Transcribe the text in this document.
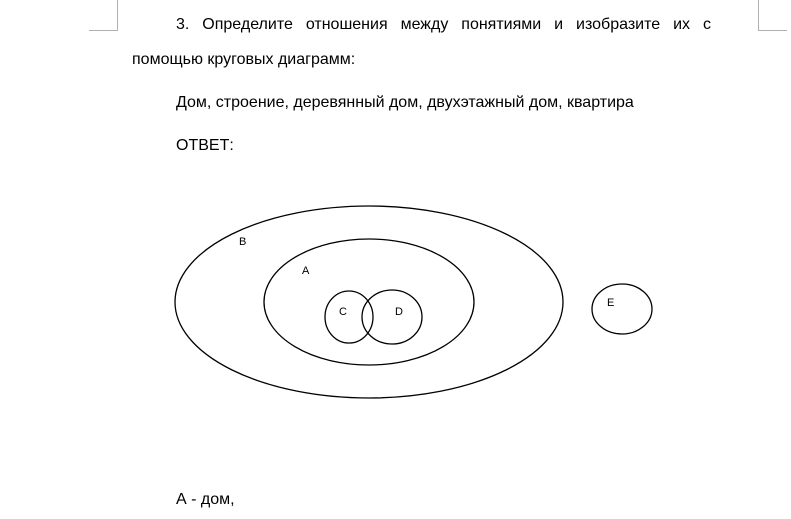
3. Определите отношения между понятиями и изобразите их с
помощью круговых диаграмм:
Дом, строение, деревянный дом, двухэтажный дом, квартира
ОТВЕТ:
B
A
C	D
E
А - дом,
